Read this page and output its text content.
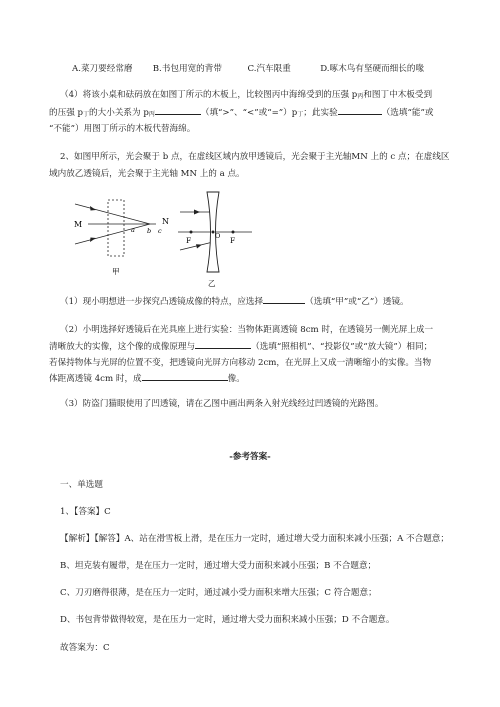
A.菜刀要经常磨 B.书包用宽的背带	C.汽车限重	D.啄木鸟有坚硬而细长的喙
（4）将该小桌和砝码放在如图丁所示的木板上，比较图丙中海绵受到的压强 p丙和图丁中木板受到
的压强 p丁的大小关系为 p丙	（填“>”、“<”或“=”）p丁；此实验	（选填“能”或
“不能”）用图丁所示的木板代替海绵。
2、如图甲所示，光会聚于 b 点，在虚线区域内放甲透镜后，光会聚于主光轴MN 上的 c 点；在虚线区
域内放乙透镜后，光会聚于主光轴 MN 上的 a 点。
M	N
a b c
甲
F	O F
乙
（1）现小明想进一步探究凸透镜成像的特点，应选择	（选填“甲”或“乙”）透镜。
（2）小明选择好透镜后在光具座上进行实验：当物体距离透镜 8cm 时，在透镜另一侧光屏上成一
清晰放大的实像，这个像的成像原理与	（选填“照相机”、“投影仪”或“放大镜”）相同；
若保持物体与光屏的位置不变，把透镜向光屏方向移动 2cm，在光屏上又成一清晰缩小的实像。当物
体距离透镜 4cm 时，成	像。
（3）防盗门猫眼使用了凹透镜，请在乙图中画出两条入射光线经过凹透镜的光路图。
-参考答案-
一、单选题
1、【答案】C
【解析】【解答】A、站在滑雪板上滑，是在压力一定时，通过增大受力面积来减小压强；A 不合题意；
B、坦克装有履带，是在压力一定时，通过增大受力面积来减小压强；B 不合题意；
C、刀刃磨得很薄，是在压力一定时，通过减小受力面积来增大压强；C 符合题意；
D、书包背带做得较宽，是在压力一定时，通过增大受力面积来减小压强；D 不合题意。
故答案为：C
